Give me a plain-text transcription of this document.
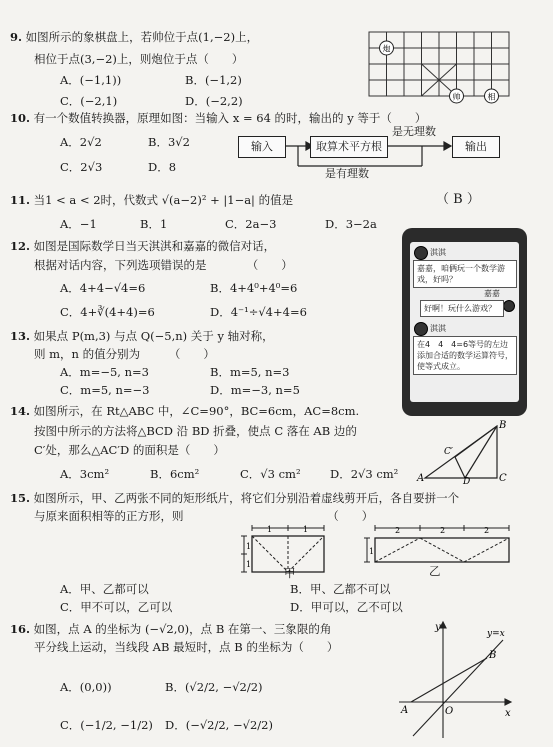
9. 如图所示的象棋盘上，若帅位于点(1,−2)上，
相位于点(3,−2)上，则炮位于点（　　）
A．(−1,1))	B．(−1,2)
C．(−2,1)	D．(−2,2)
炮
帅	相
10. 有一个数值转换器，原理如图：当输入 x = 64 的时，输出的 y 等于（　　）
A．2√2	B．3√2
C．2√3	D．8
输入	取算术平方根	输出
是无理数
是有理数
11. 当1 < a < 2时，代数式 √(a−2)² + |1−a| 的值是	（ B ）
A．−1	B．1	C．2a−3	D．3−2a
12. 如图是国际数学日当天淇淇和嘉嘉的微信对话，
根据对话内容，下列选项错误的是　　　　（　　）
A．4+4−√4=6	B．4+4⁰+4⁰=6
C．4+∛(4+4)=6	D．4⁻¹÷√4+4=6
淇淇
嘉嘉，咱俩玩一个数学游戏，好吗？
嘉嘉
好啊！玩什么游戏？
淇淇
在4　4　4=6等号的左边添加合适的数学运算符号，使等式成立。
13. 如果点 P(m,3) 与点 Q(−5,n) 关于 y 轴对称，
则 m，n 的值分别为　　　（　　）
A．m=−5, n=3	B．m=5, n=3
C．m=5, n=−3	D．m=−3, n=5
14. 如图所示，在 Rt△ABC 中，∠C=90°，BC=6cm，AC=8cm.
按图中所示的方法将△BCD 沿 BD 折叠，使点 C 落在 AB 边的
C′处，那么△AC′D 的面积是（　　）
A．3cm²	B．6cm²	C．√3 cm²	D．2√3 cm² A
B
C
D
C′
15. 如图所示，甲、乙两张不同的矩形纸片，将它们分别沿着虚线剪开后，各自要拼一个
与原来面积相等的正方形，则　　　　　　　　　　　　　（　　）
1	1
1
1
甲
2	2	2
1
乙
A．甲、乙都可以	B．甲、乙都不可以
C．甲不可以，乙可以	D．甲可以，乙不可以
16. 如图，点 A 的坐标为 (−√2,0)，点 B 在第一、三象限的角
平分线上运动，当线段 AB 最短时，点 B 的坐标为（　　）
A．(0,0))	B．(√2/2, −√2/2)
C．(−1/2, −1/2) D．(−√2/2, −√2/2)
y
x
y=x
A
B
O
